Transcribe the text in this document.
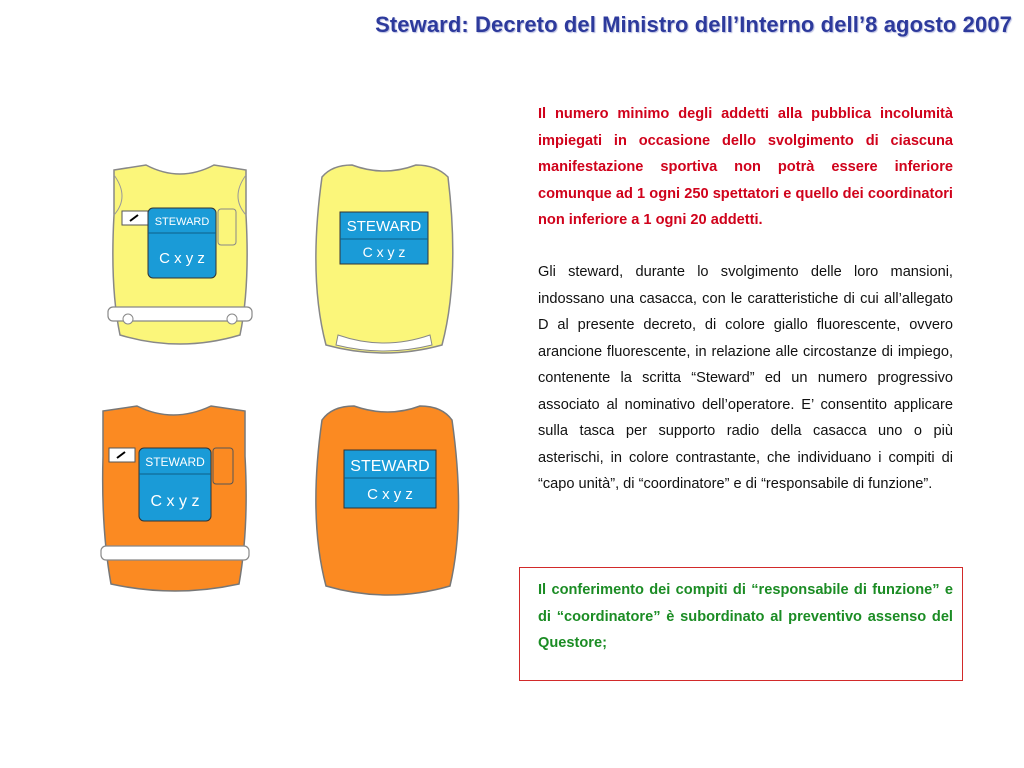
Steward: Decreto del Ministro dell’Interno dell’8 agosto 2007
STEWARD
C x y z
STEWARD
C x y z
STEWARD
C x y z
STEWARD
C x y z

Il numero minimo degli addetti alla pubblica incolumità impiegati in occasione dello svolgimento di ciascuna manifestazione sportiva non potrà essere inferiore comunque ad 1 ogni 250 spettatori e quello dei coordinatori non inferiore a 1 ogni 20 addetti.

Gli steward, durante lo svolgimento delle loro mansioni, indossano una casacca, con le caratteristiche di cui all’allegato D al presente decreto, di colore giallo fluorescente, ovvero arancione fluorescente, in relazione alle circostanze di impiego, contenente la scritta “Steward” ed un numero progressivo associato al nominativo dell’operatore. E’ consentito applicare sulla tasca per supporto radio della casacca uno o più asterischi, in colore contrastante, che individuano i compiti di “capo unità”, di “coordinatore” e di “responsabile di funzione”.

Il conferimento dei compiti di “responsabile di funzione” e di “coordinatore” è subordinato al preventivo assenso del Questore;
